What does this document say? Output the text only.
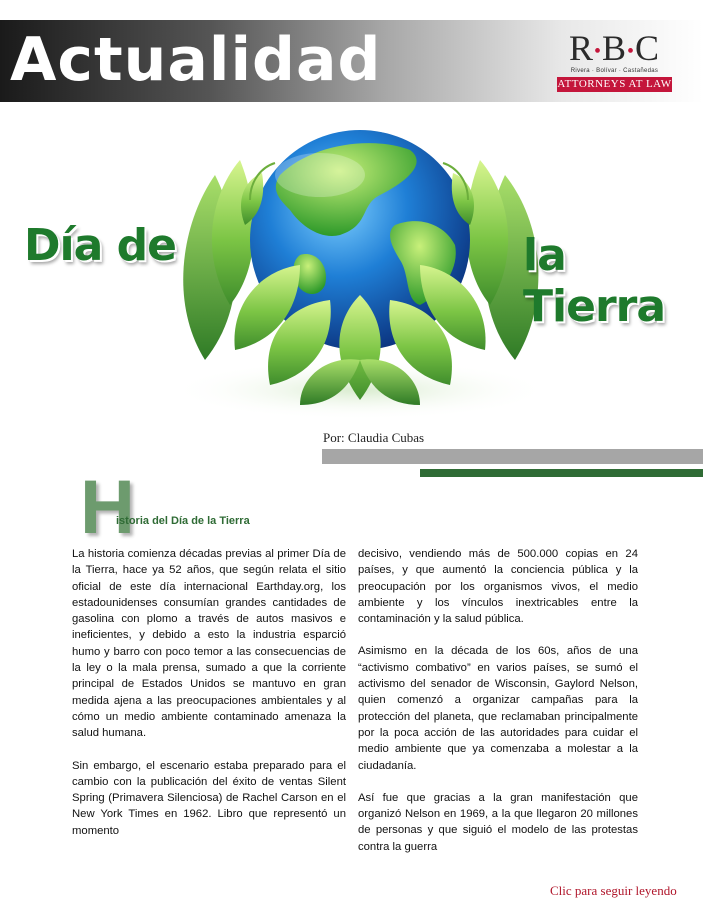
Actualidad	R•B•C
Rivera · Bolívar · Castañedas
ATTORNEYS AT LAW
Día de	la Tierra
Por: Claudia Cubas
H
istoria del Día de la Tierra

La historia comienza décadas previas al primer Día de la Tierra, hace ya 52 años, que según relata el sitio oficial de este día internacional Earthday.org, los estadounidenses consumían grandes cantidades de gasolina con plomo a través de autos masivos e ineficientes, y debido a esto la industria esparció humo y barro con poco temor a las consecuencias de la ley o la mala prensa, sumado a que la corriente principal de Estados Unidos se mantuvo en gran medida ajena a las preocupaciones ambientales y al cómo un medio ambiente contaminado amenaza la salud humana.

Sin embargo, el escenario estaba preparado para el cambio con la publicación del éxito de ventas Silent Spring (Primavera Silenciosa) de Rachel Carson en el New York Times en 1962. Libro que representó un momento

decisivo, vendiendo más de 500.000 copias en 24 países, y que aumentó la conciencia pública y la preocupación por los organismos vivos, el medio ambiente y los vínculos inextricables entre la contaminación y la salud pública.

Asimismo en la década de los 60s, años de una “activismo combativo” en varios países, se sumó el activismo del senador de Wisconsin, Gaylord Nelson, quien comenzó a organizar campañas para la protección del planeta, que reclamaban principalmente por la poca acción de las autoridades para cuidar el medio ambiente que ya comenzaba a molestar a la ciudadanía.

Así fue que gracias a la gran manifestación que organizó Nelson en 1969, a la que llegaron 20 millones de personas y que siguió el modelo de las protestas contra la guerra

Clic para seguir leyendo
